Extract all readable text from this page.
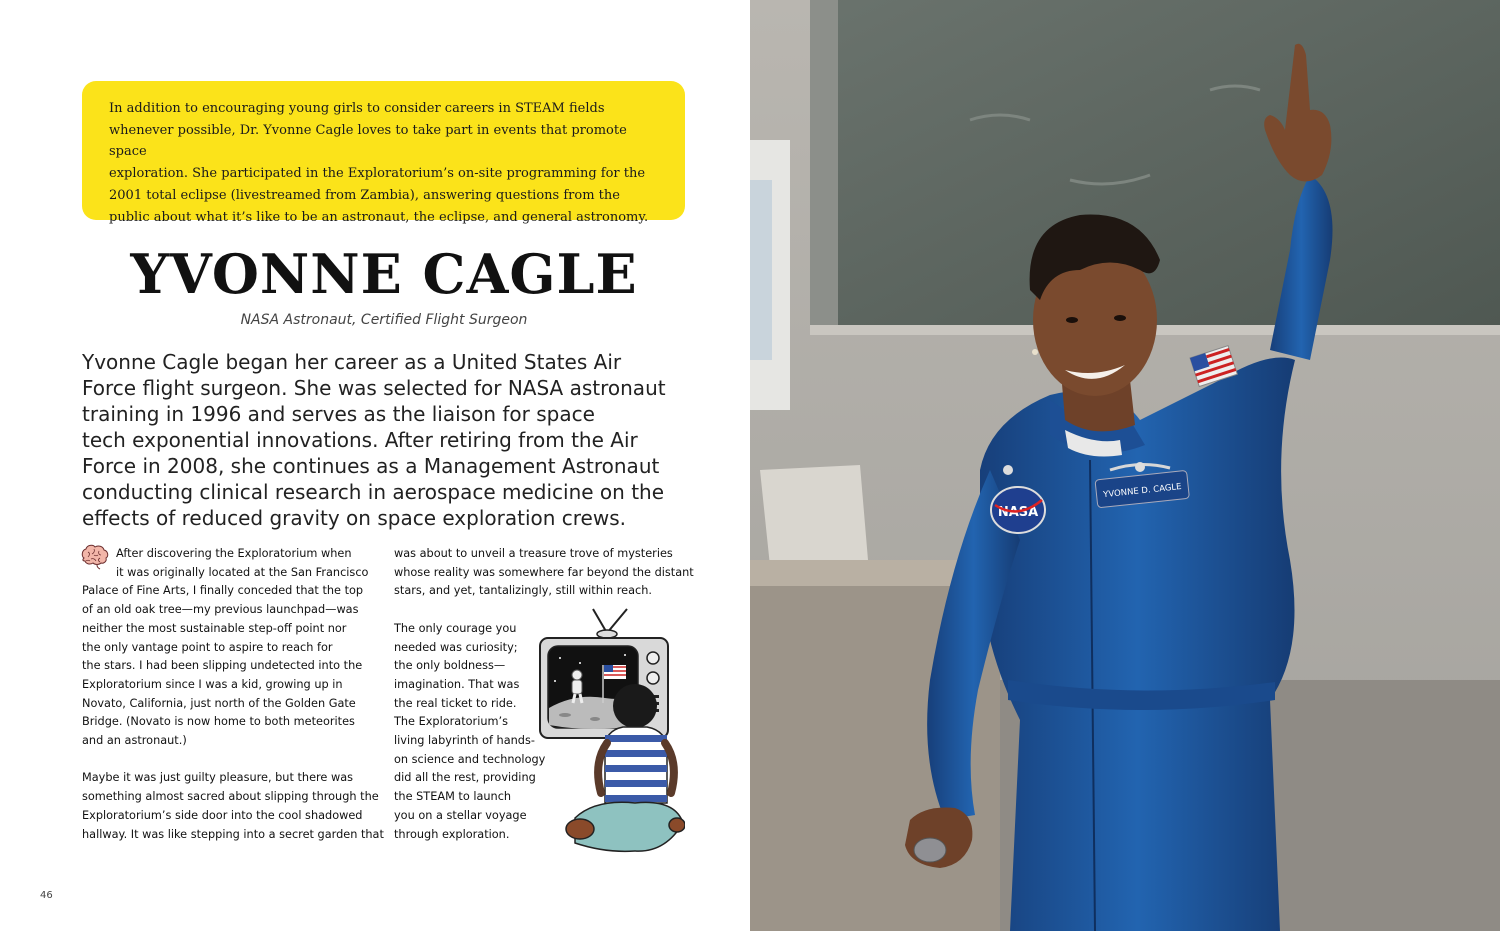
In addition to encouraging young girls to consider careers in STEAM fields
whenever possible, Dr. Yvonne Cagle loves to take part in events that promote space
exploration. She participated in the Exploratorium’s on-site programming for the
2001 total eclipse (livestreamed from Zambia), answering questions from the
public about what it’s like to be an astronaut, the eclipse, and general astronomy.

YVONNE CAGLE
NASA Astronaut, Certified Flight Surgeon

Yvonne Cagle began her career as a United States Air
Force flight surgeon. She was selected for NASA astronaut
training in 1996 and serves as the liaison for space
tech exponential innovations. After retiring from the Air
Force in 2008, she continues as a Management Astronaut
conducting clinical research in aerospace medicine on the
effects of reduced gravity on space exploration crews.

After discovering the Exploratorium when
it was originally located at the San Francisco
Palace of Fine Arts, I finally conceded that the top
of an old oak tree—my previous launchpad—was
neither the most sustainable step-off point nor
the only vantage point to aspire to reach for
the stars. I had been slipping undetected into the
Exploratorium since I was a kid, growing up in
Novato, California, just north of the Golden Gate
Bridge. (Novato is now home to both meteorites
and an astronaut.)
Maybe it was just guilty pleasure, but there was
something almost sacred about slipping through the
Exploratorium’s side door into the cool shadowed
hallway. It was like stepping into a secret garden that
was about to unveil a treasure trove of mysteries
whose reality was somewhere far beyond the distant
stars, and yet, tantalizingly, still within reach.
The only courage you
needed was curiosity;
the only boldness—
imagination. That was
the real ticket to ride.
The Exploratorium’s
living labyrinth of hands-
on science and technology
did all the rest, providing
the STEAM to launch
you on a stellar voyage
through exploration.
46
NASA
YVONNE D. CAGLE
